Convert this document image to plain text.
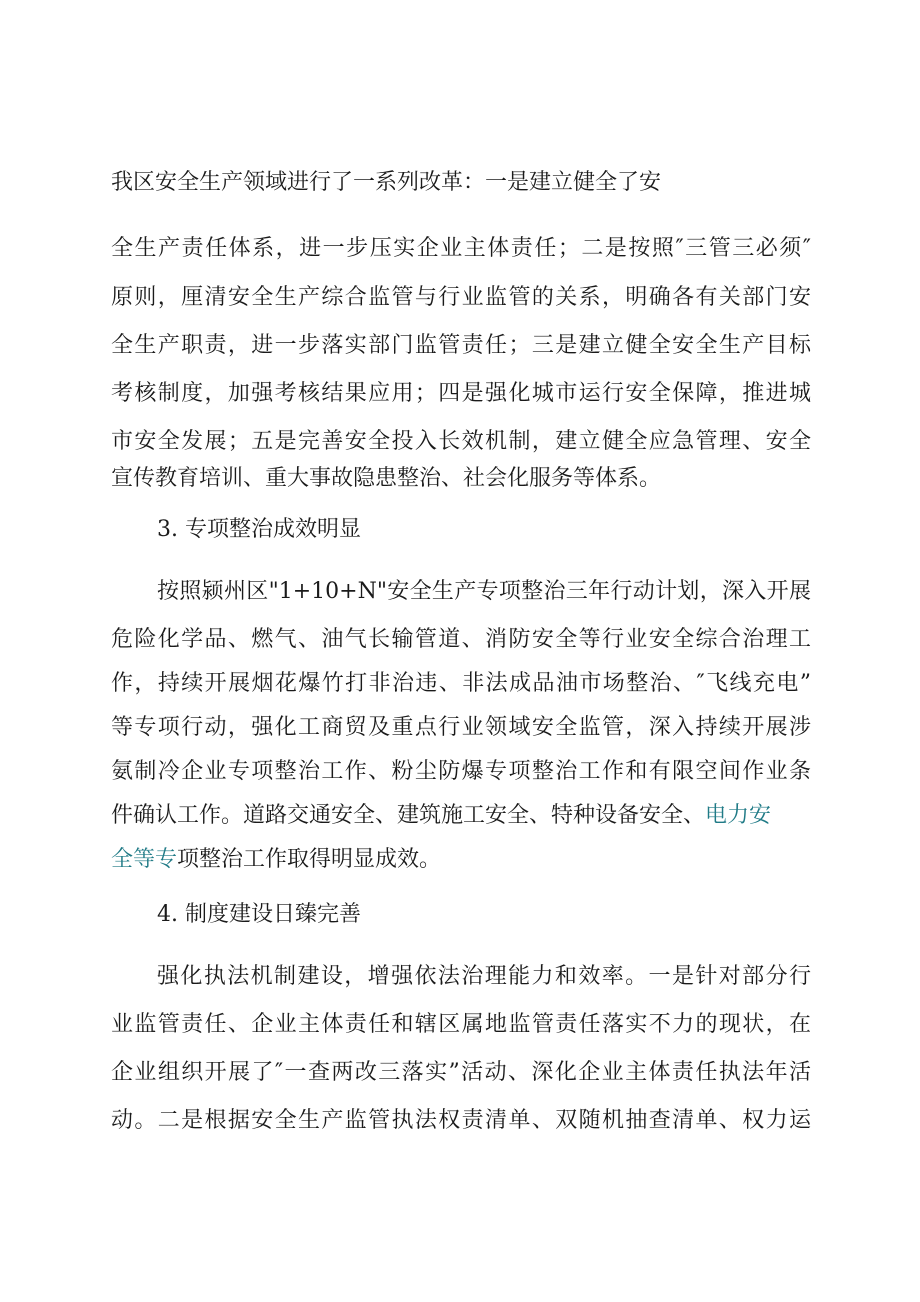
我区安全生产领域进行了一系列改革：一是建立健全了安

全生产责任体系，进一步压实企业主体责任；二是按照″三管三必须″

原则，厘清安全生产综合监管与行业监管的关系，明确各有关部门安

全生产职责，进一步落实部门监管责任；三是建立健全安全生产目标

考核制度，加强考核结果应用；四是强化城市运行安全保障，推进城

市安全发展；五是完善安全投入长效机制，建立健全应急管理、安全

宣传教育培训、重大事故隐患整治、社会化服务等体系。

3. 专项整治成效明显

按照颍州区"1+10+N"安全生产专项整治三年行动计划，深入开展

危险化学品、燃气、油气长输管道、消防安全等行业安全综合治理工

作，持续开展烟花爆竹打非治违、非法成品油市场整治、″飞线充电”

等专项行动，强化工商贸及重点行业领域安全监管，深入持续开展涉

氨制冷企业专项整治工作、粉尘防爆专项整治工作和有限空间作业条

件确认工作。道路交通安全、建筑施工安全、特种设备安全、电力安

全等专项整治工作取得明显成效。

4. 制度建设日臻完善

强化执法机制建设，增强依法治理能力和效率。一是针对部分行

业监管责任、企业主体责任和辖区属地监管责任落实不力的现状，在

企业组织开展了″一查两改三落实”活动、深化企业主体责任执法年活

动。二是根据安全生产监管执法权责清单、双随机抽查清单、权力运
